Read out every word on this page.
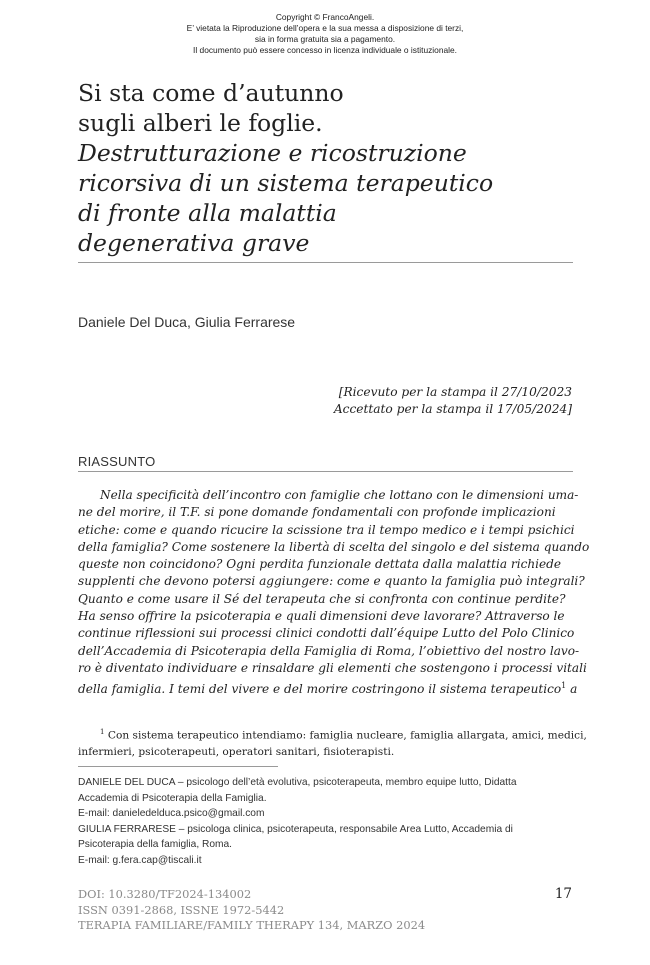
Copyright © FrancoAngeli.
E’ vietata la Riproduzione dell’opera e la sua messa a disposizione di terzi,
sia in forma gratuita sia a pagamento.
Il documento può essere concesso in licenza individuale o istituzionale.
Si sta come d’autunno
sugli alberi le foglie.
Destrutturazione e ricostruzione
ricorsiva di un sistema terapeutico
di fronte alla malattia
degenerativa grave
Daniele Del Duca, Giulia Ferrarese
[Ricevuto per la stampa il 27/10/2023
Accettato per la stampa il 17/05/2024]
RIASSUNTO
Nella specificità dell’incontro con famiglie che lottano con le dimensioni uma-
ne del morire, il T.F. si pone domande fondamentali con profonde implicazioni
etiche: come e quando ricucire la scissione tra il tempo medico e i tempi psichici
della famiglia? Come sostenere la libertà di scelta del singolo e del sistema quando
queste non coincidono? Ogni perdita funzionale dettata dalla malattia richiede
supplenti che devono potersi aggiungere: come e quanto la famiglia può integrali?
Quanto e come usare il Sé del terapeuta che si confronta con continue perdite?
Ha senso offrire la psicoterapia e quali dimensioni deve lavorare? Attraverso le
continue riflessioni sui processi clinici condotti dall’équipe Lutto del Polo Clinico
dell’Accademia di Psicoterapia della Famiglia di Roma, l’obiettivo del nostro lavo-
ro è diventato individuare e rinsaldare gli elementi che sostengono i processi vitali
della famiglia. I temi del vivere e del morire costringono il sistema terapeutico$^1$ a
$^1$ Con sistema terapeutico intendiamo: famiglia nucleare, famiglia allargata, amici, medici,
infermieri, psicoterapeuti, operatori sanitari, fisioterapisti.
DANIELE DEL DUCA – psicologo dell’età evolutiva, psicoterapeuta, membro equipe lutto, Didatta
Accademia di Psicoterapia della Famiglia.
E-mail: danieledelduca.psico@gmail.com
GIULIA FERRARESE – psicologa clinica, psicoterapeuta, responsabile Area Lutto, Accademia di
Psicoterapia della famiglia, Roma.
E-mail: g.fera.cap@tiscali.it
DOI: 10.3280/TF2024-134002
ISSN 0391-2868, ISSNE 1972-5442
TERAPIA FAMILIARE/FAMILY THERAPY 134, MARZO 2024
17
